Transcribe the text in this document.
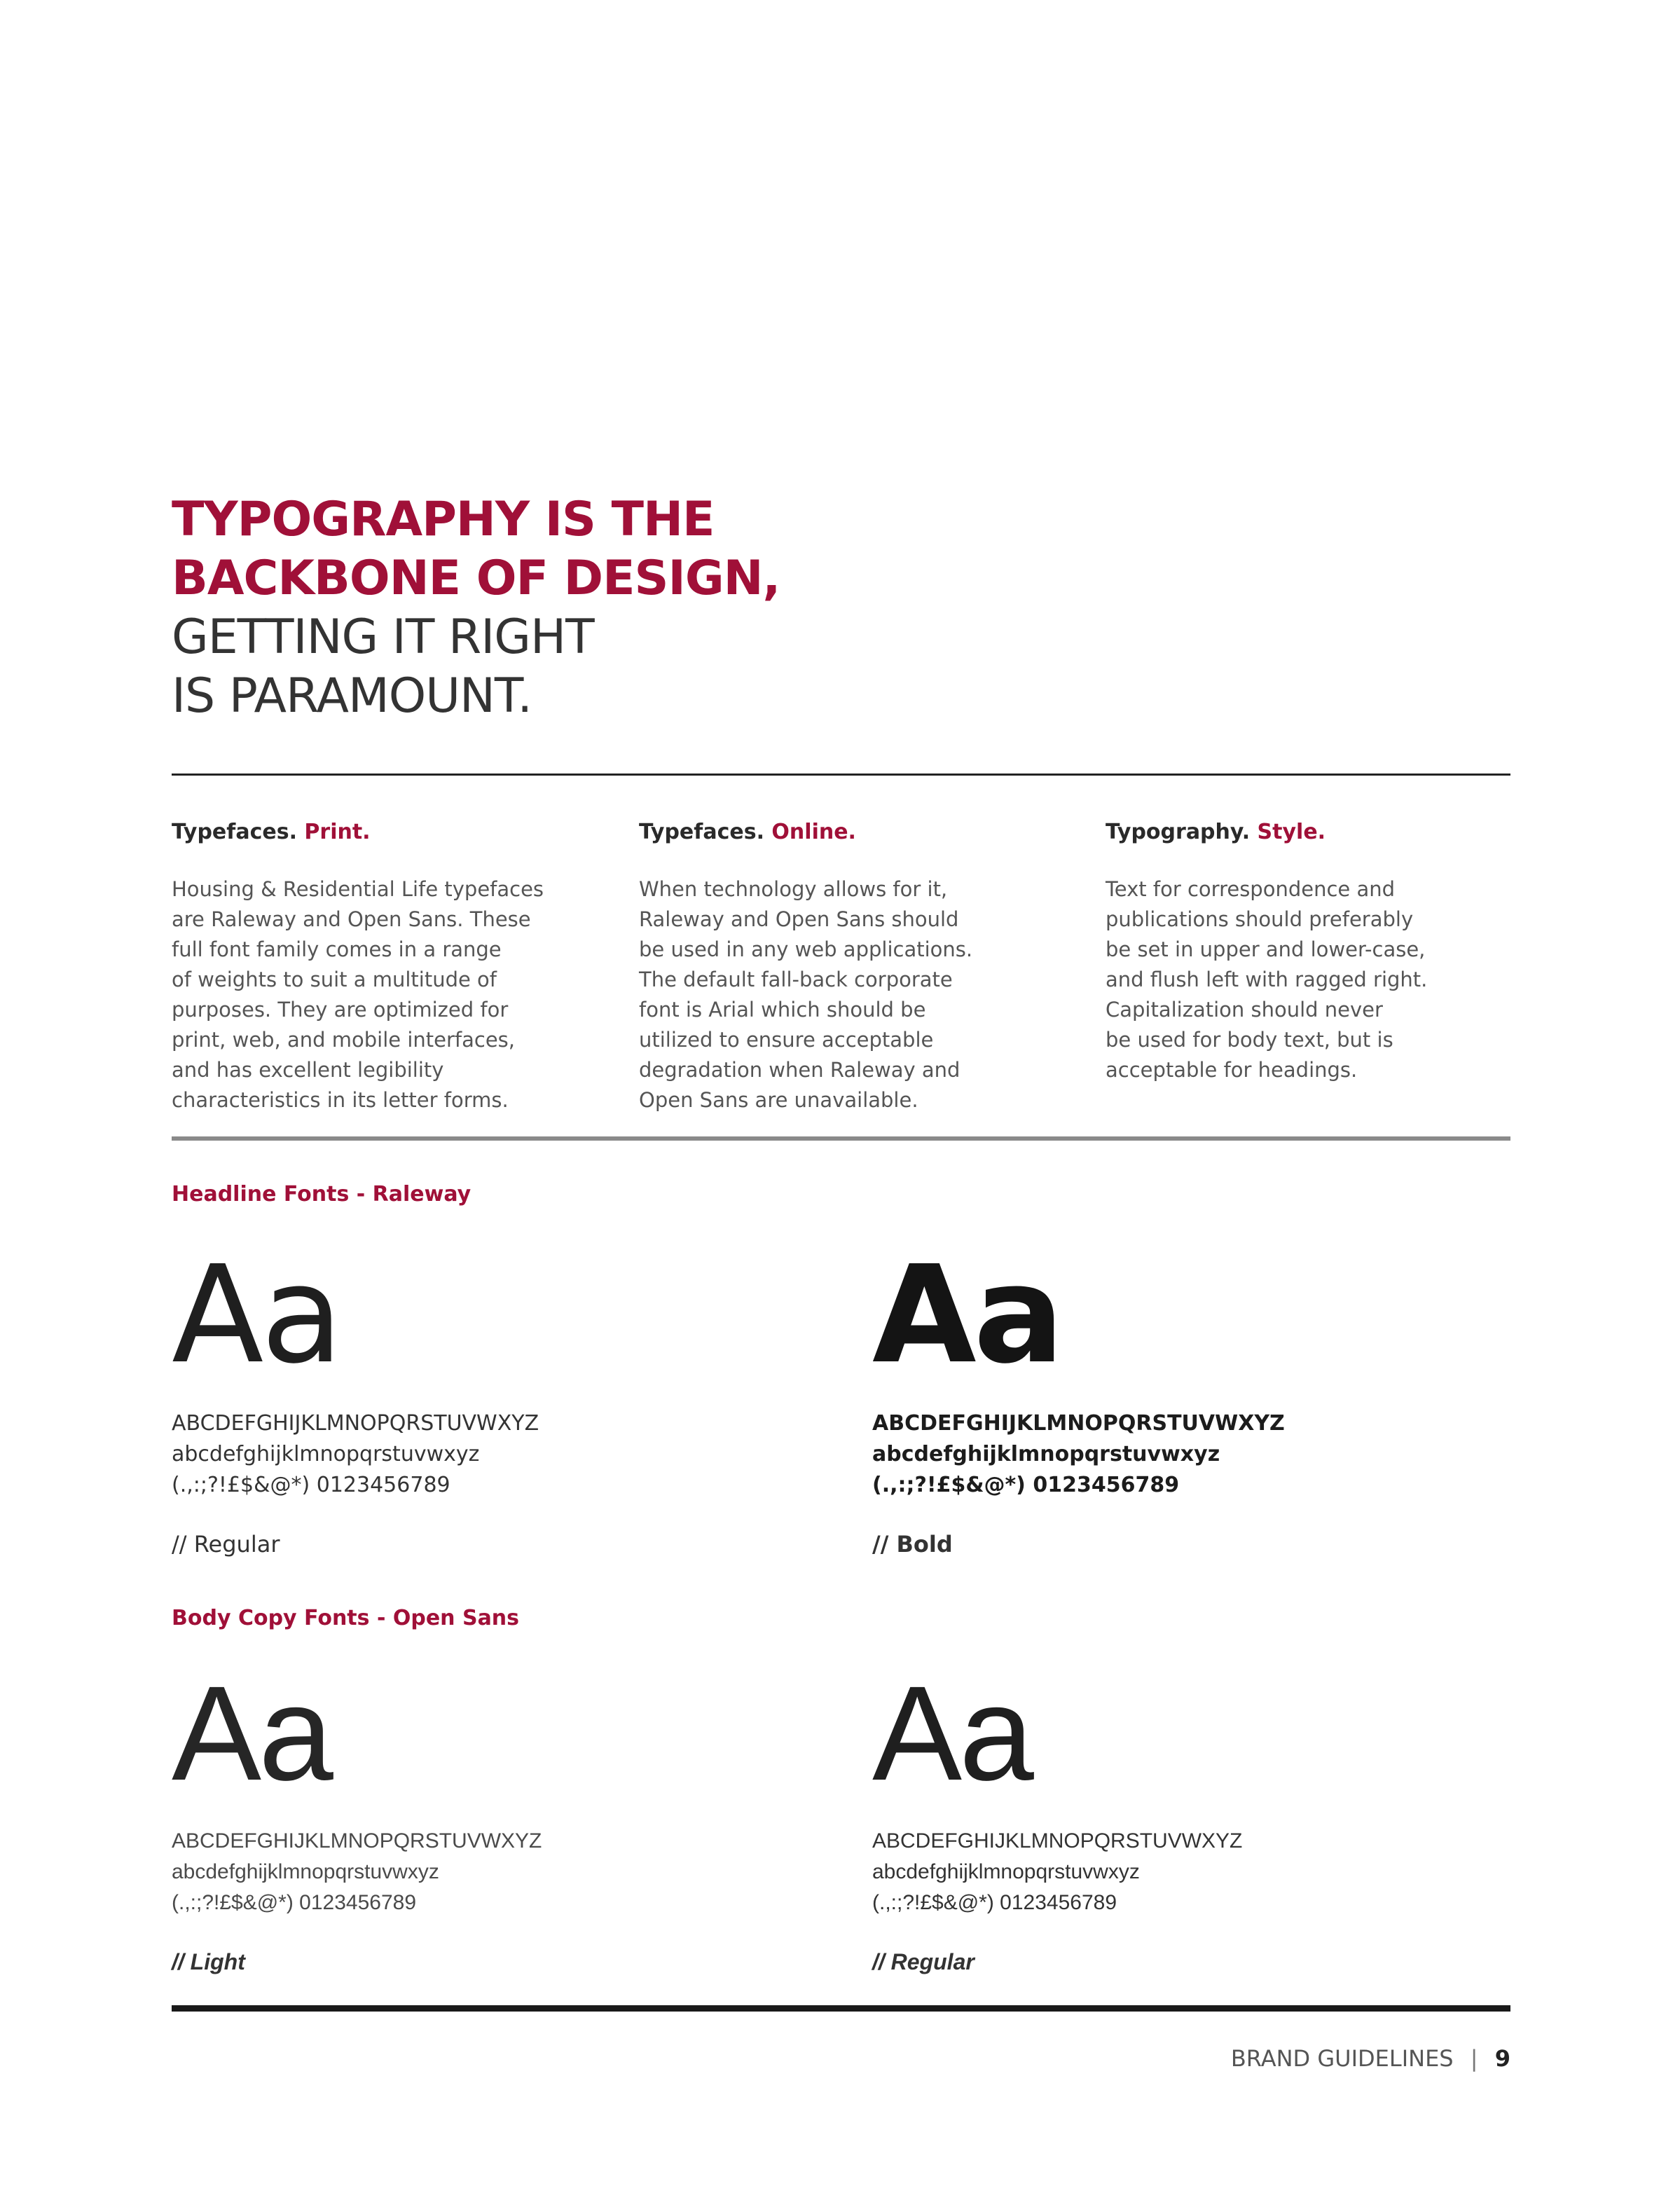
TYPOGRAPHY IS THE
BACKBONE OF DESIGN,
GETTING IT RIGHT
IS PARAMOUNT.
Typefaces. Print.
Housing & Residential Life typefaces
are Raleway and Open Sans. These
full font family comes in a range
of weights to suit a multitude of
purposes. They are optimized for
print, web, and mobile interfaces,
and has excellent legibility
characteristics in its letter forms.
Typefaces. Online.
When technology allows for it,
Raleway and Open Sans should
be used in any web applications.
The default fall-back corporate
font is Arial which should be
utilized to ensure acceptable
degradation when Raleway and
Open Sans are unavailable.
Typography. Style.
Text for correspondence and
publications should preferably
be set in upper and lower-case,
and flush left with ragged right.
Capitalization should never
be used for body text, but is
acceptable for headings.
Headline Fonts - Raleway
Aa
ABCDEFGHIJKLMNOPQRSTUVWXYZ
abcdefghijklmnopqrstuvwxyz
(.,:;?!£$&@*) 0123456789
// Regular
Aa
ABCDEFGHIJKLMNOPQRSTUVWXYZ
abcdefghijklmnopqrstuvwxyz
(.,:;?!£$&@*) 0123456789
// Bold
Body Copy Fonts - Open Sans
Aa
ABCDEFGHIJKLMNOPQRSTUVWXYZ
abcdefghijklmnopqrstuvwxyz
(.,:;?!£$&@*) 0123456789
// Light
Aa
ABCDEFGHIJKLMNOPQRSTUVWXYZ
abcdefghijklmnopqrstuvwxyz
(.,:;?!£$&@*) 0123456789
// Regular
BRAND GUIDELINES | 9
